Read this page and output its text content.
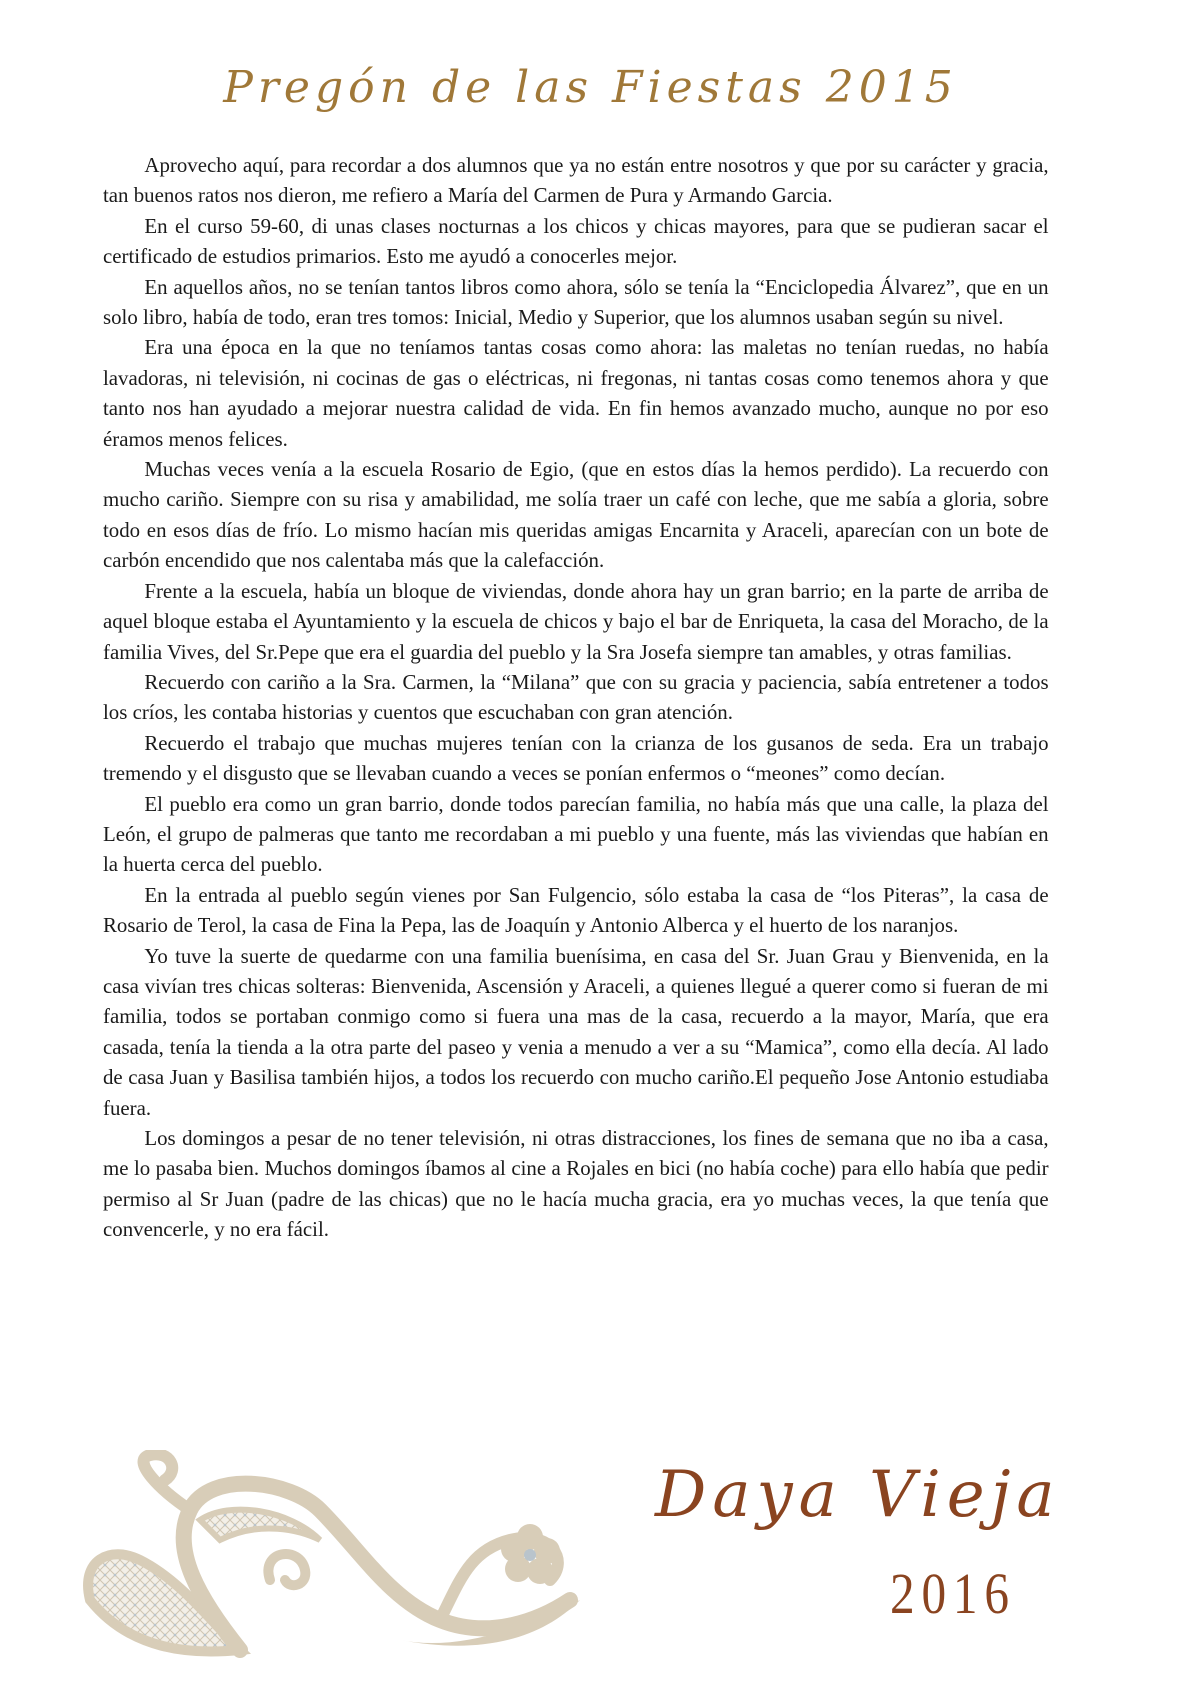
Pregón de las Fiestas 2015

Aprovecho aquí, para recordar a dos alumnos que ya no están entre nosotros y que por su carácter y gracia, tan buenos ratos nos dieron, me refiero a María del Carmen de Pura y Armando Garcia.

En el curso 59-60, di unas clases nocturnas a los chicos y chicas mayores, para que se pudieran sacar el certificado de estudios primarios. Esto me ayudó a conocerles mejor.

En aquellos años, no se tenían tantos libros como ahora, sólo se tenía la “Enciclopedia Álvarez”, que en un solo libro, había de todo, eran tres tomos: Inicial, Medio y Superior, que los alumnos usaban según su nivel.

Era una época en la que no teníamos tantas cosas como ahora: las maletas no tenían ruedas, no había lavadoras, ni televisión, ni cocinas de gas o eléctricas, ni fregonas, ni tantas cosas como tenemos ahora y que tanto nos han ayudado a mejorar nuestra calidad de vida. En fin hemos avanzado mucho, aunque no por eso éramos menos felices.

Muchas veces venía a la escuela Rosario de Egio, (que en estos días la hemos perdido). La recuerdo con mucho cariño. Siempre con su risa y amabilidad, me solía traer un café con leche, que me sabía a gloria, sobre todo en esos días de frío. Lo mismo hacían mis queridas amigas Encarnita y Araceli, aparecían con un bote de carbón encendido que nos calentaba más que la calefacción.

Frente a la escuela, había un bloque de viviendas, donde ahora hay un gran barrio; en la parte de arriba de aquel bloque estaba el Ayuntamiento y la escuela de chicos y bajo el bar de Enriqueta, la casa del Moracho, de la familia Vives, del Sr.Pepe que era el guardia del pueblo y la Sra Josefa siempre tan amables, y otras familias.

Recuerdo con cariño a la Sra. Carmen, la “Milana” que con su gracia y paciencia, sabía entretener a todos los críos, les contaba historias y cuentos que escuchaban con gran atención.

Recuerdo el trabajo que muchas mujeres tenían con la crianza de los gusanos de seda. Era un trabajo tremendo y el disgusto que se llevaban cuando a veces se ponían enfermos o “meones” como decían.

El pueblo era como un gran barrio, donde todos parecían familia, no había más que una calle, la plaza del León, el grupo de palmeras que tanto me recordaban a mi pueblo y una fuente, más las viviendas que habían en la huerta cerca del pueblo.

En la entrada al pueblo según vienes por San Fulgencio, sólo estaba la casa de “los Piteras”, la casa de Rosario de Terol, la casa de Fina la Pepa, las de Joaquín y Antonio Alberca y el huerto de los naranjos.

Yo tuve la suerte de quedarme con una familia buenísima, en casa del Sr. Juan Grau y Bienvenida, en la casa vivían tres chicas solteras: Bienvenida, Ascensión y Araceli, a quienes llegué a querer como si fueran de mi familia, todos se portaban conmigo como si fuera una mas de la casa, recuerdo a la mayor, María, que era casada, tenía la tienda a la otra parte del paseo y venia a menudo a ver a su “Mamica”, como ella decía. Al lado de casa Juan y Basilisa también hijos, a todos los recuerdo con mucho cariño.El pequeño Jose Antonio estudiaba fuera.

Los domingos a pesar de no tener televisión, ni otras distracciones, los fines de semana que no iba a casa, me lo pasaba bien. Muchos domingos íbamos al cine a Rojales en bici (no había coche) para ello había que pedir permiso al Sr Juan (padre de las chicas) que no le hacía mucha gracia, era yo muchas veces, la que tenía que convencerle, y no era fácil.

Daya Vieja
2016
